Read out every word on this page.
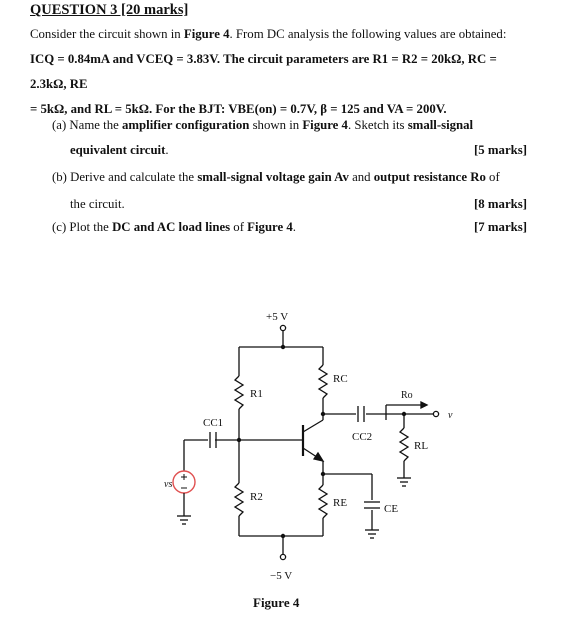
QUESTION 3 [20 marks]
Consider the circuit shown in Figure 4. From DC analysis the following values are obtained:
ICQ = 0.84mA and VCEQ = 3.83V. The circuit parameters are R1 = R2 = 20kΩ, RC = 2.3kΩ, RE
= 5kΩ, and RL = 5kΩ. For the BJT: VBE(on) = 0.7V, β = 125 and VA = 200V.
(a) Name the amplifier configuration shown in Figure 4. Sketch its small-signal
equivalent circuit.	[5 marks]
(b) Derive and calculate the small-signal voltage gain Av and output resistance Ro of
the circuit.	[8 marks]
(c) Plot the DC and AC load lines of Figure 4.	[7 marks]
+5 V
R1
R2
−5 V
RC
CC2
v
Ro
RL
RE	CE
CC1
vs
Figure 4
